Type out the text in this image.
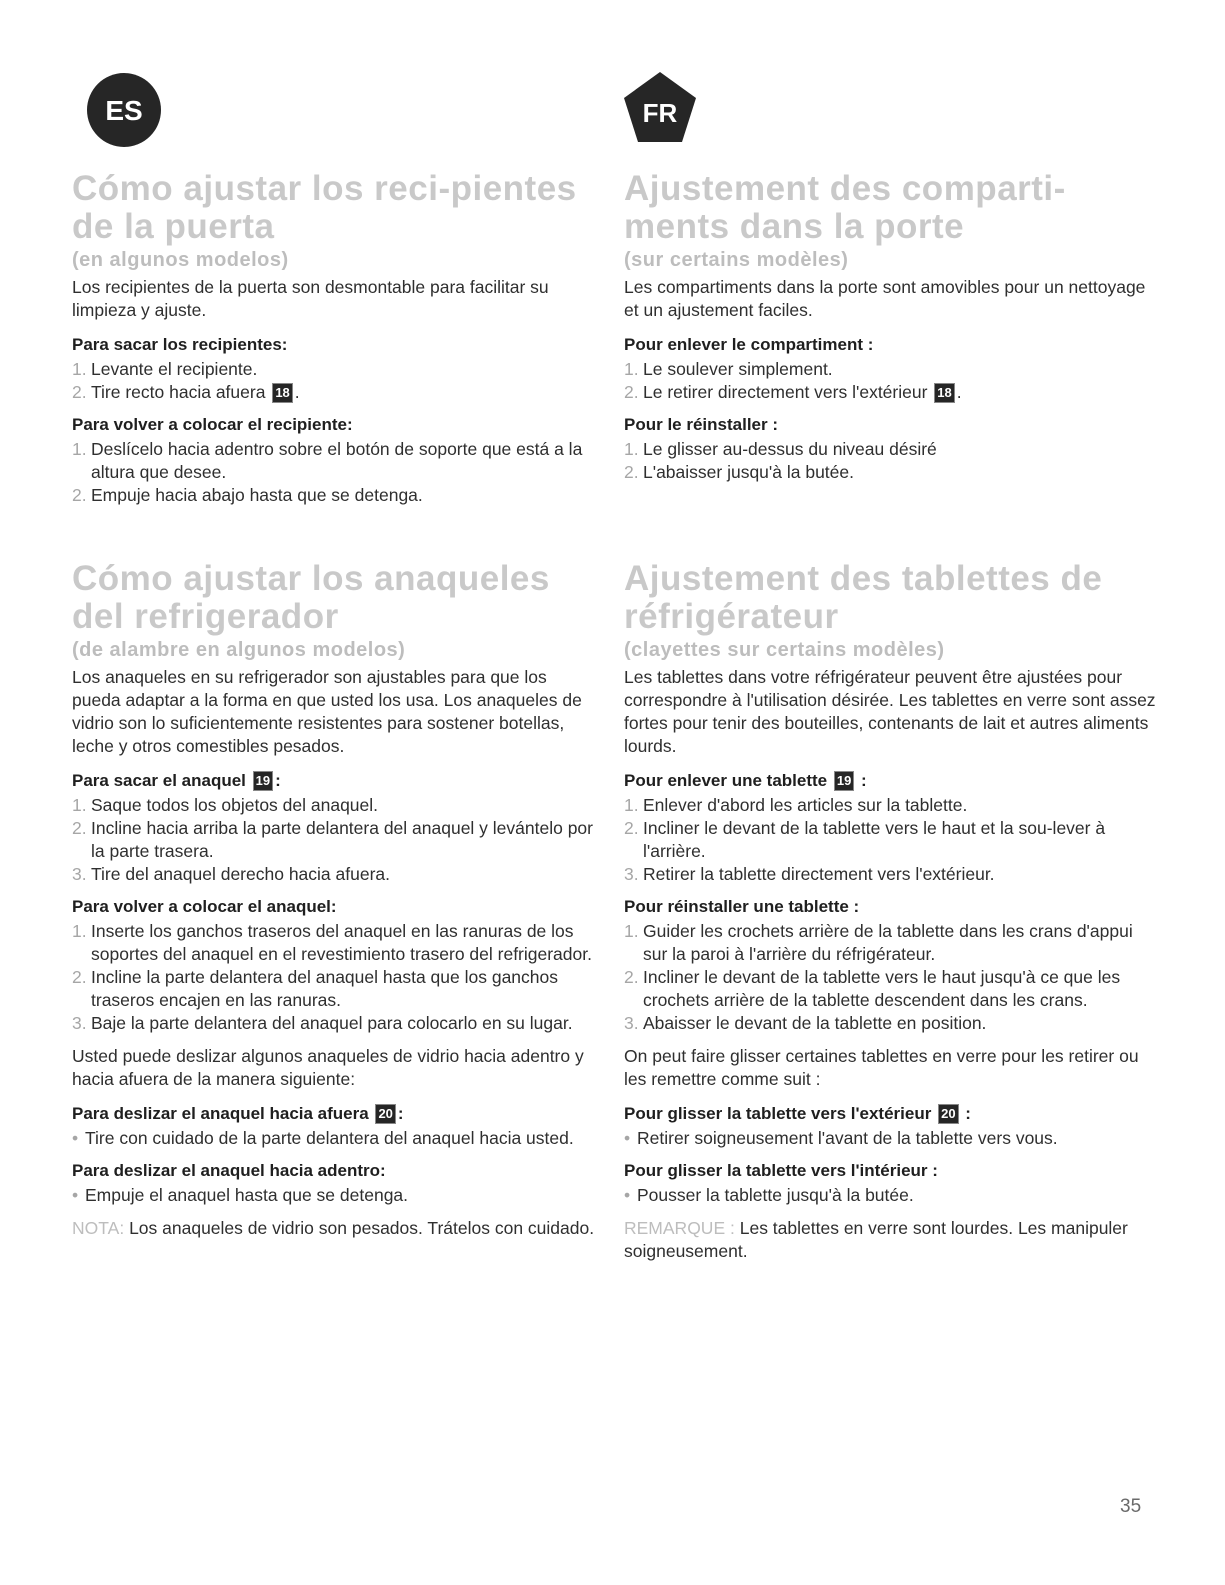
ES	FR
Cómo ajustar los reci-pientes de la puerta
(en algunos modelos)

Los recipientes de la puerta son desmontable para facilitar su limpieza y ajuste.

Para sacar los recipientes:
1. Levante el recipiente.
2. Tire recto hacia afuera 18 .
Para volver a colocar el recipiente:
1. Deslícelo hacia adentro sobre el botón de soporte que está a la altura que desee.
2. Empuje hacia abajo hasta que se detenga.
Cómo ajustar los anaqueles del refrigerador
(de alambre en algunos modelos)

Los anaqueles en su refrigerador son ajustables para que los pueda adaptar a la forma en que usted los usa. Los anaqueles de vidrio son lo suficientemente resistentes para sostener botellas, leche y otros comestibles pesados.

Para sacar el anaquel 19 :
1. Saque todos los objetos del anaquel.
2. Incline hacia arriba la parte delantera del anaquel y levántelo por la parte trasera.
3. Tire del anaquel derecho hacia afuera.
Para volver a colocar el anaquel:
1. Inserte los ganchos traseros del anaquel en las ranuras de los soportes del anaquel en el revestimiento trasero del refrigerador.
2. Incline la parte delantera del anaquel hasta que los ganchos traseros encajen en las ranuras.
3. Baje la parte delantera del anaquel para colocarlo en su lugar.

Usted puede deslizar algunos anaqueles de vidrio hacia adentro y hacia afuera de la manera siguiente:

Para deslizar el anaquel hacia afuera 20 :
• Tire con cuidado de la parte delantera del anaquel hacia usted.
Para deslizar el anaquel hacia adentro:
• Empuje el anaquel hasta que se detenga.

NOTA: Los anaqueles de vidrio son pesados. Trátelos con cuidado.

Ajustement des comparti-ments dans la porte
(sur certains modèles)

Les compartiments dans la porte sont amovibles pour un nettoyage et un ajustement faciles.

Pour enlever le compartiment :
1. Le soulever simplement.
2. Le retirer directement vers l'extérieur 18 .
Pour le réinstaller :
1. Le glisser au-dessus du niveau désiré
2. L'abaisser jusqu'à la butée.
Ajustement des tablettes de réfrigérateur
(clayettes sur certains modèles)

Les tablettes dans votre réfrigérateur peuvent être ajustées pour correspondre à l'utilisation désirée. Les tablettes en verre sont assez fortes pour tenir des bouteilles, contenants de lait et autres aliments lourds.

Pour enlever une tablette 19 :
1. Enlever d'abord les articles sur la tablette.
2. Incliner le devant de la tablette vers le haut et la sou-lever à l'arrière.
3. Retirer la tablette directement vers l'extérieur.
Pour réinstaller une tablette :
1. Guider les crochets arrière de la tablette dans les crans d'appui sur la paroi à l'arrière du réfrigérateur.
2. Incliner le devant de la tablette vers le haut jusqu'à ce que les crochets arrière de la tablette descendent dans les crans.
3. Abaisser le devant de la tablette en position.

On peut faire glisser certaines tablettes en verre pour les retirer ou les remettre comme suit :

Pour glisser la tablette vers l'extérieur 20 :
• Retirer soigneusement l'avant de la tablette vers vous.
Pour glisser la tablette vers l'intérieur :
• Pousser la tablette jusqu'à la butée.

REMARQUE : Les tablettes en verre sont lourdes. Les manipuler soigneusement.

35
